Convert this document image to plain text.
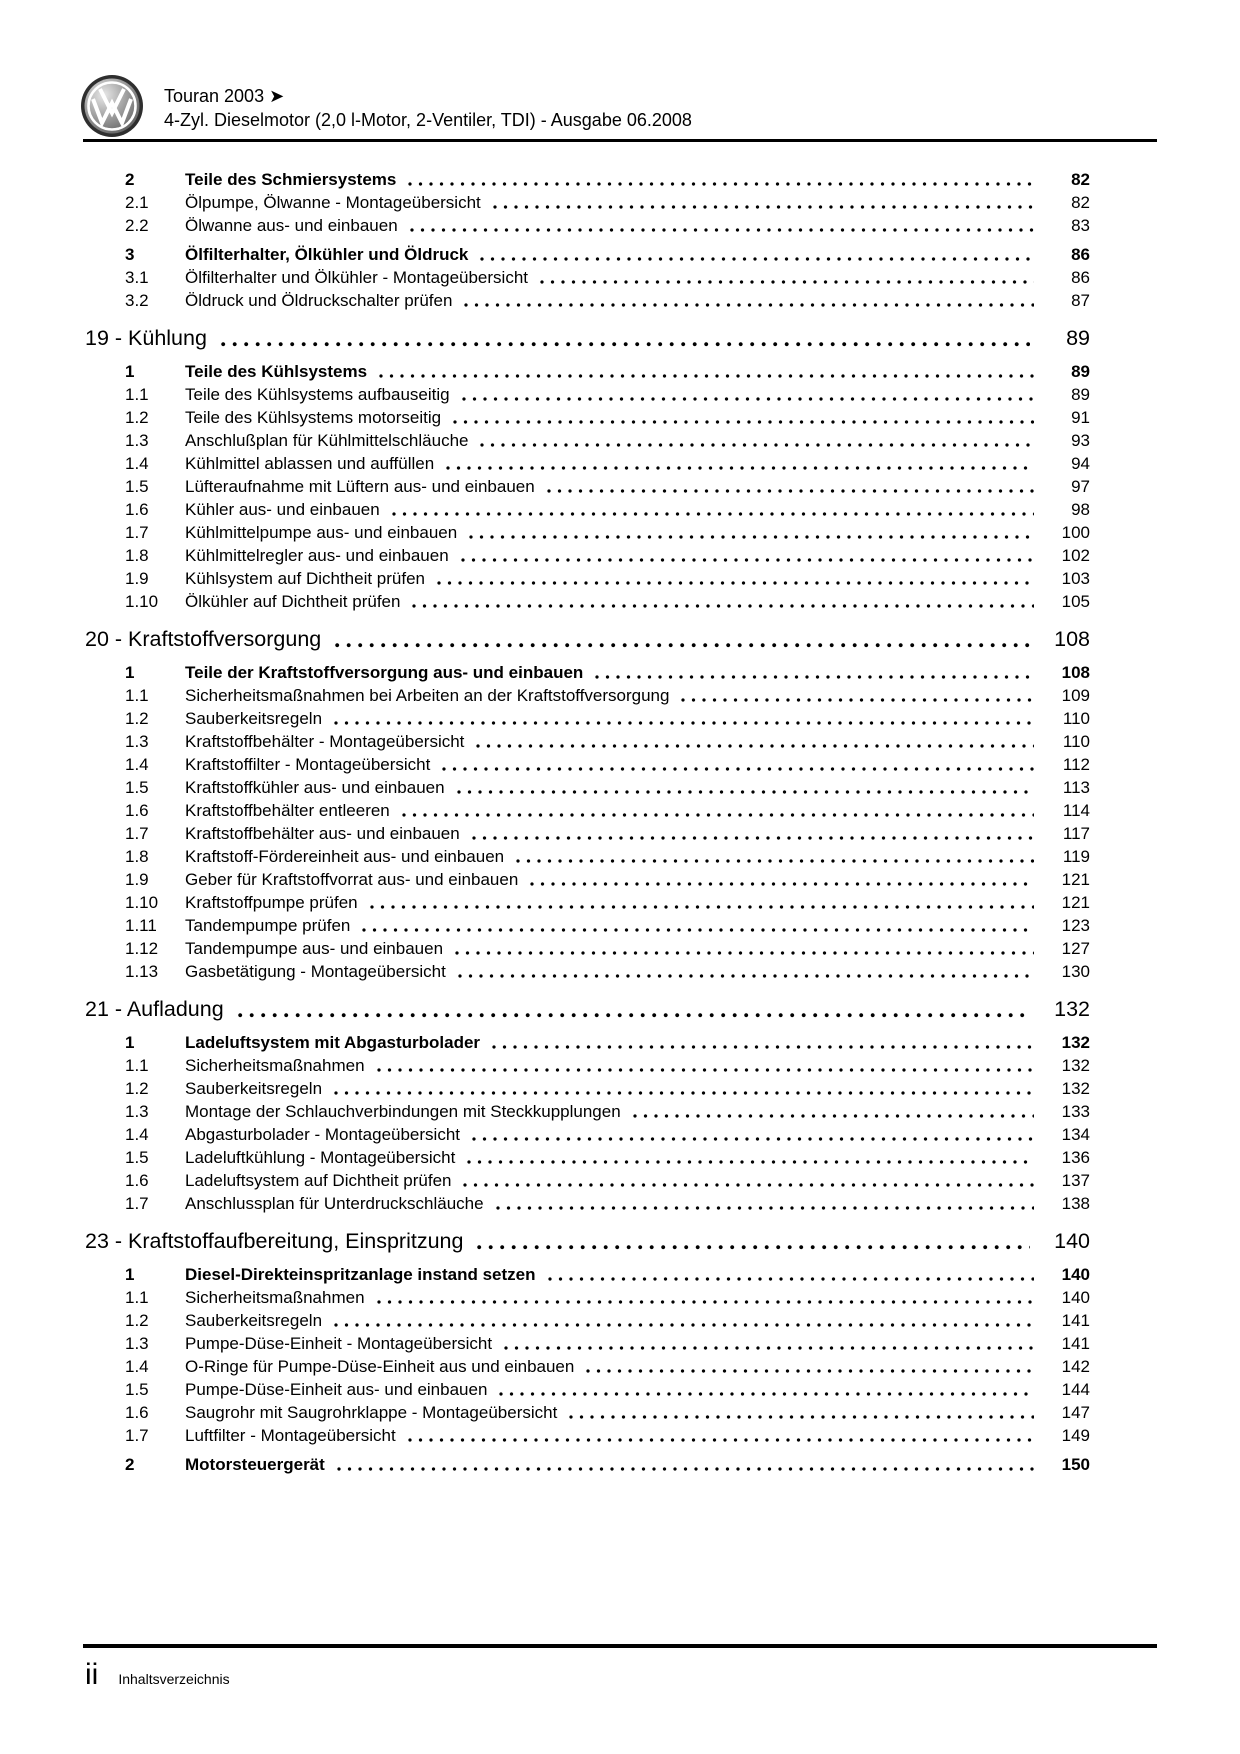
Touran 2003 ➤
4-Zyl. Dieselmotor (2,0 l-Motor, 2-Ventiler, TDI) - Ausgabe 06.2008
2	Teile des Schmiersystems	82
2.1	Ölpumpe, Ölwanne - Montageübersicht	82
2.2	Ölwanne aus- und einbauen	83
3	Ölfilterhalter, Ölkühler und Öldruck	86
3.1	Ölfilterhalter und Ölkühler - Montageübersicht	86
3.2	Öldruck und Öldruckschalter prüfen	87
19 - Kühlung	89
1	Teile des Kühlsystems	89
1.1	Teile des Kühlsystems aufbauseitig	89
1.2	Teile des Kühlsystems motorseitig	91
1.3	Anschlußplan für Kühlmittelschläuche	93
1.4	Kühlmittel ablassen und auffüllen	94
1.5	Lüfteraufnahme mit Lüftern aus- und einbauen	97
1.6	Kühler aus- und einbauen	98
1.7	Kühlmittelpumpe aus- und einbauen	100
1.8	Kühlmittelregler aus- und einbauen	102
1.9	Kühlsystem auf Dichtheit prüfen	103
1.10	Ölkühler auf Dichtheit prüfen	105
20 - Kraftstoffversorgung	108
1	Teile der Kraftstoffversorgung aus- und einbauen	108
1.1	Sicherheitsmaßnahmen bei Arbeiten an der Kraftstoffversorgung	109
1.2	Sauberkeitsregeln	110
1.3	Kraftstoffbehälter - Montageübersicht	110
1.4	Kraftstoffilter - Montageübersicht	112
1.5	Kraftstoffkühler aus- und einbauen	113
1.6	Kraftstoffbehälter entleeren	114
1.7	Kraftstoffbehälter aus- und einbauen	117
1.8	Kraftstoff-Fördereinheit aus- und einbauen	119
1.9	Geber für Kraftstoffvorrat aus- und einbauen	121
1.10	Kraftstoffpumpe prüfen	121
1.11	Tandempumpe prüfen	123
1.12	Tandempumpe aus- und einbauen	127
1.13	Gasbetätigung - Montageübersicht	130
21 - Aufladung	132
1	Ladeluftsystem mit Abgasturbolader	132
1.1	Sicherheitsmaßnahmen	132
1.2	Sauberkeitsregeln	132
1.3	Montage der Schlauchverbindungen mit Steckkupplungen	133
1.4	Abgasturbolader - Montageübersicht	134
1.5	Ladeluftkühlung - Montageübersicht	136
1.6	Ladeluftsystem auf Dichtheit prüfen	137
1.7	Anschlussplan für Unterdruckschläuche	138
23 - Kraftstoffaufbereitung, Einspritzung	140
1	Diesel-Direkteinspritzanlage instand setzen	140
1.1	Sicherheitsmaßnahmen	140
1.2	Sauberkeitsregeln	141
1.3	Pumpe-Düse-Einheit - Montageübersicht	141
1.4	O-Ringe für Pumpe-Düse-Einheit aus und einbauen	142
1.5	Pumpe-Düse-Einheit aus- und einbauen	144
1.6	Saugrohr mit Saugrohrklappe - Montageübersicht	147
1.7	Luftfilter - Montageübersicht	149
2	Motorsteuergerät	150
ii Inhaltsverzeichnis
